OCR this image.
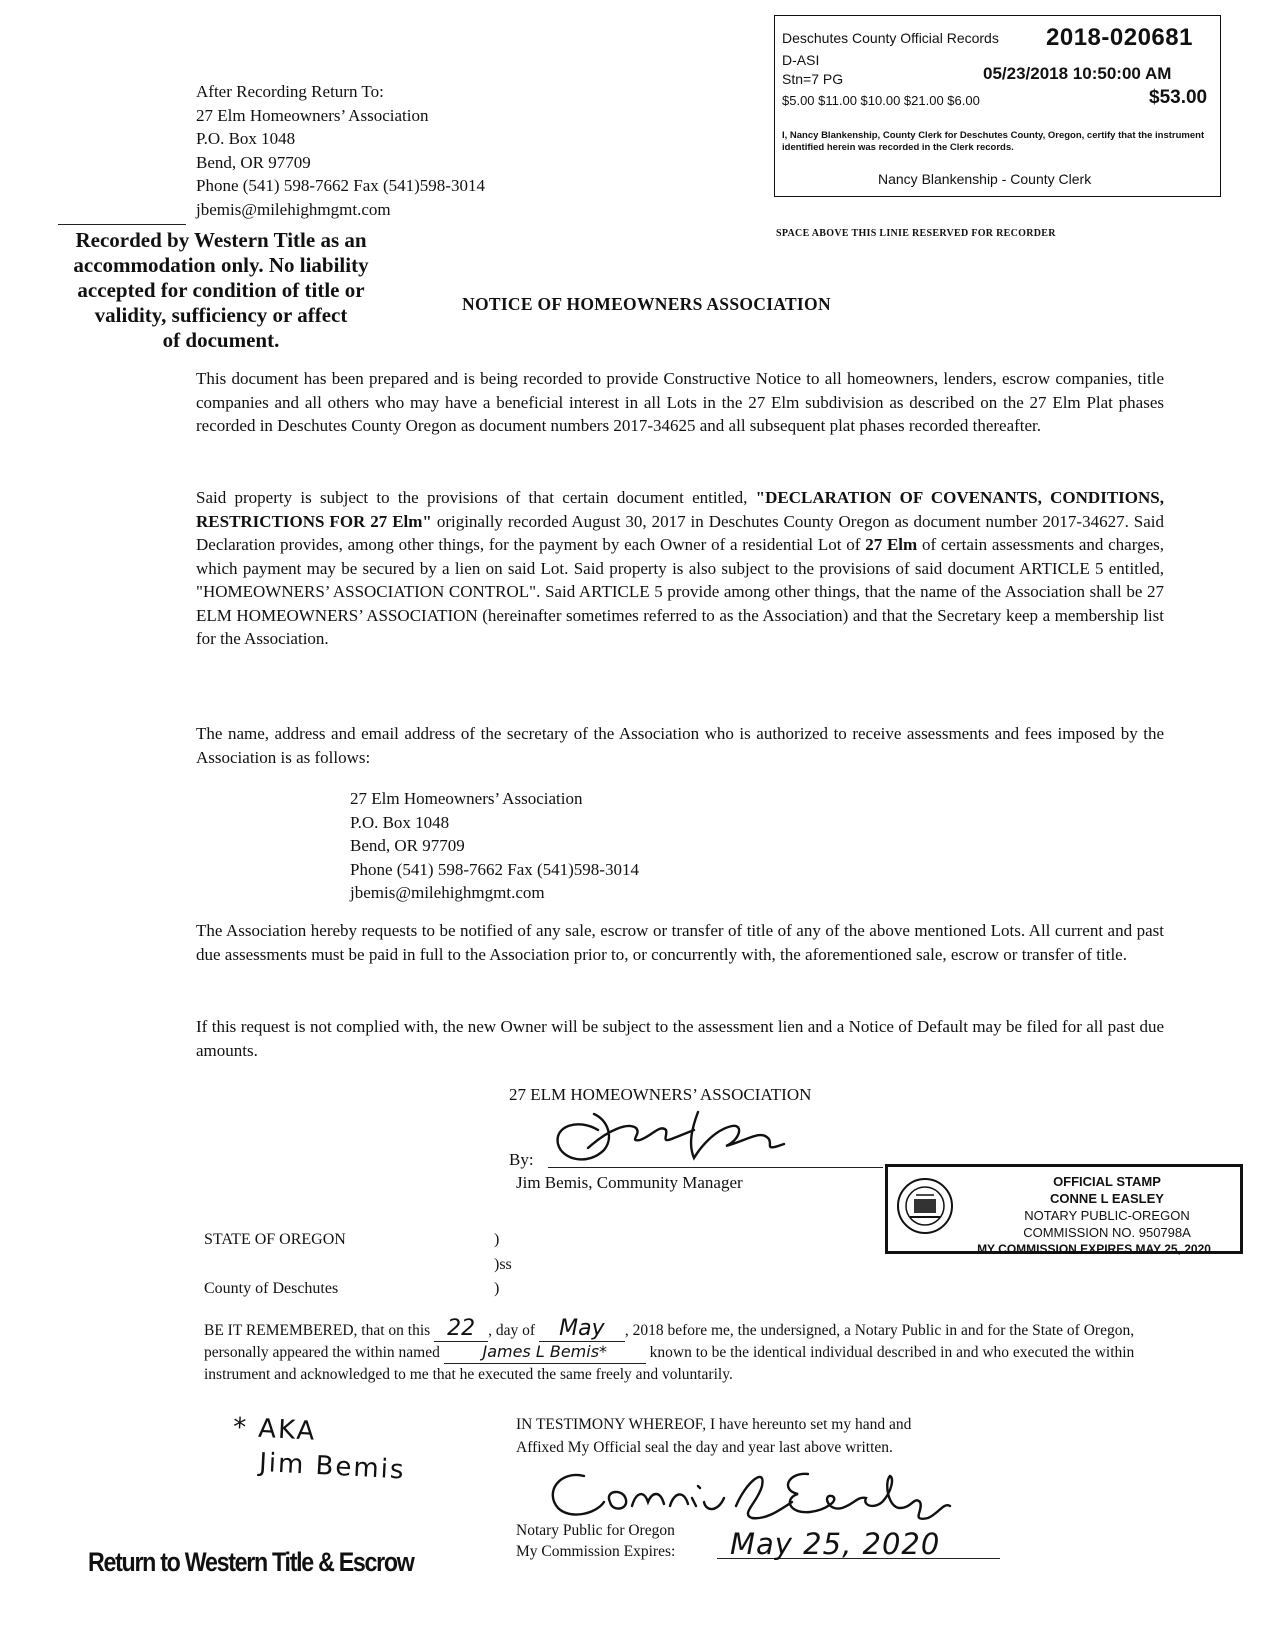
After Recording Return To:
27 Elm Homeowners’ Association
P.O. Box 1048
Bend, OR 97709
Phone (541) 598-7662 Fax (541)598-3014
jbemis@milehighmgmt.com
Deschutes County Official Records 2018-020681
D-ASI
Stn=7 PG	05/23/2018 10:50:00 AM
$5.00 $11.00 $10.00 $21.00 $6.00	$53.00
I, Nancy Blankenship, County Clerk for Deschutes County, Oregon, certify that the instrument identified herein was recorded in the Clerk records.
Nancy Blankenship - County Clerk
SPACE ABOVE THIS LINIE RESERVED FOR RECORDER
Recorded by Western Title as an
accommodation only. No liability
accepted for condition of title or
validity, sufficiency or affect
of document.
NOTICE OF HOMEOWNERS ASSOCIATION
This document has been prepared and is being recorded to provide Constructive Notice to all homeowners, lenders, escrow companies, title companies and all others who may have a beneficial interest in all Lots in the 27 Elm subdivision as described on the 27 Elm Plat phases recorded in Deschutes County Oregon as document numbers 2017-34625 and all subsequent plat phases recorded thereafter.
Said property is subject to the provisions of that certain document entitled, "DECLARATION OF COVENANTS, CONDITIONS, RESTRICTIONS FOR 27 Elm" originally recorded August 30, 2017 in Deschutes County Oregon as document number 2017-34627. Said Declaration provides, among other things, for the payment by each Owner of a residential Lot of 27 Elm of certain assessments and charges, which payment may be secured by a lien on said Lot. Said property is also subject to the provisions of said document ARTICLE 5 entitled, "HOMEOWNERS’ ASSOCIATION CONTROL". Said ARTICLE 5 provide among other things, that the name of the Association shall be 27 ELM HOMEOWNERS’ ASSOCIATION (hereinafter sometimes referred to as the Association) and that the Secretary keep a membership list for the Association.
The name, address and email address of the secretary of the Association who is authorized to receive assessments and fees imposed by the Association is as follows:
27 Elm Homeowners’ Association
P.O. Box 1048
Bend, OR 97709
Phone (541) 598-7662 Fax (541)598-3014
jbemis@milehighmgmt.com
The Association hereby requests to be notified of any sale, escrow or transfer of title of any of the above mentioned Lots. All current and past due assessments must be paid in full to the Association prior to, or concurrently with, the aforementioned sale, escrow or transfer of title.
If this request is not complied with, the new Owner will be subject to the assessment lien and a Notice of Default may be filed for all past due amounts.
27 ELM HOMEOWNERS’ ASSOCIATION
By:
Jim Bemis, Community Manager	OFFICIAL STAMP
CONNE L EASLEY
NOTARY PUBLIC-OREGON
COMMISSION NO. 950798A
MY COMMISSION EXPIRES MAY 25, 2020
STATE OF OREGON	)
)ss
County of Deschutes	)
BE IT REMEMBERED, that on this 22 , day of May , 2018 before me, the undersigned, a Notary Public in and for the State of Oregon, personally appeared the within named James L Bemis* known to be the identical individual described in and who executed the within instrument and acknowledged to me that he executed the same freely and voluntarily.
* AKA
Jim Bemis
IN TESTIMONY WHEREOF, I have hereunto set my hand and
Affixed My Official seal the day and year last above written.
Notary Public for Oregon
My Commission Expires: May 25, 2020
Return to Western Title & Escrow
